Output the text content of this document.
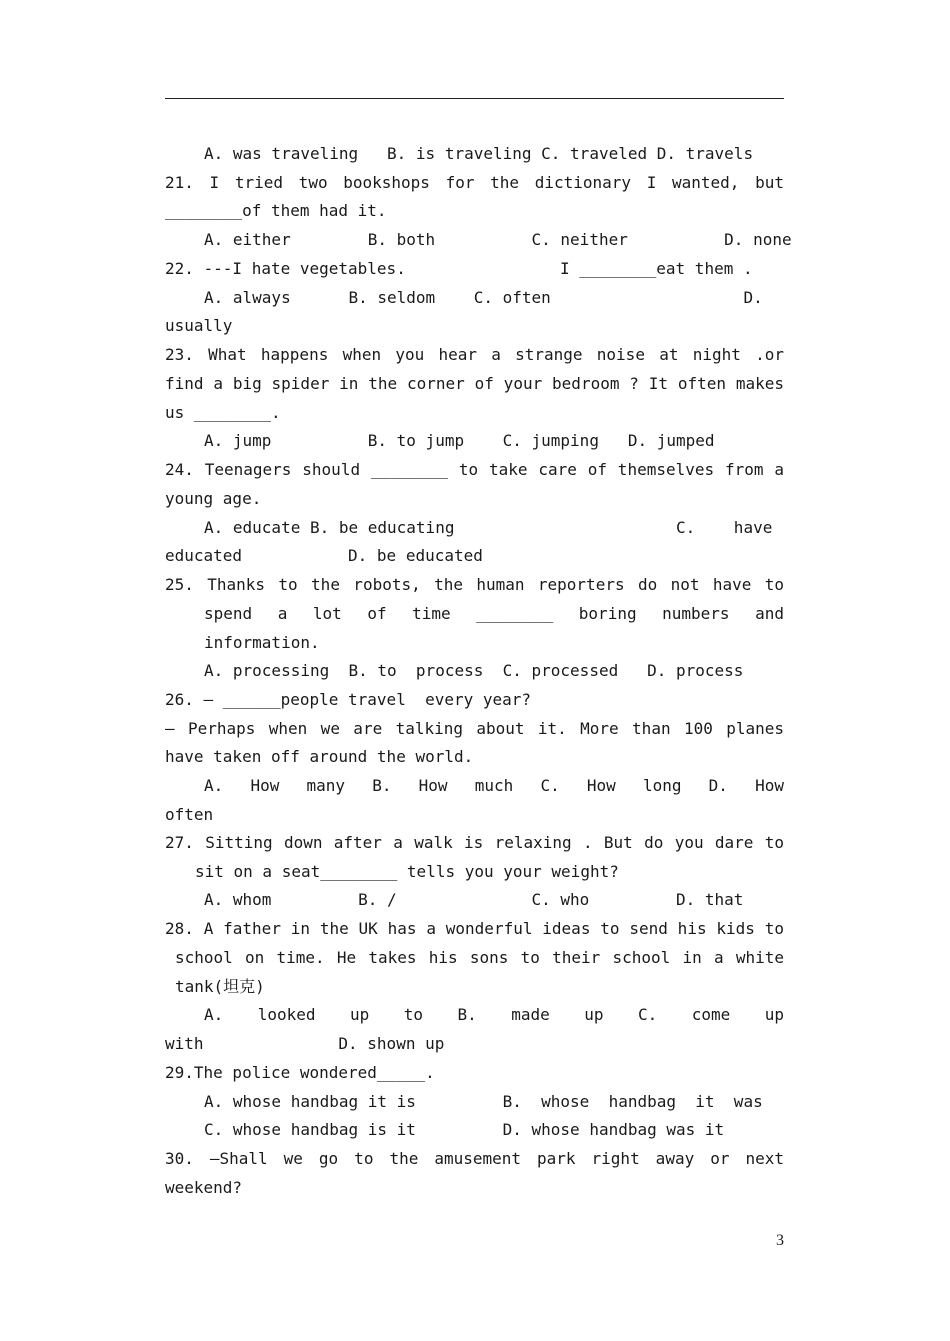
A. was traveling   B. is traveling C. traveled D. travels
21. I tried two bookshops for the dictionary I wanted, but
________of them had it.
A. either        B. both          C. neither          D. none
22. ---I hate vegetables.                I ________eat them .
A. always      B. seldom    C. often                    D.
usually
23. What happens when you hear a strange noise at night .or
find a big spider in the corner of your bedroom ? It often makes
us ________.
A. jump          B. to jump    C. jumping   D. jumped
24. Teenagers should ________ to take care of themselves from a
young age.
A. educate B. be educating                       C.    have
educated           D. be educated
25. Thanks to the robots, the human reporters do not have to
spend a lot of time ________ boring numbers and
information.
A. processing  B. to  process  C. processed   D. process
26. — ______people travel  every year?
— Perhaps when we are talking about it. More than 100 planes
have taken off around the world.
A. How many B. How much C. How long D. How
often
27. Sitting down after a walk is relaxing . But do you dare to
sit on a seat________ tells you your weight?
A. whom         B. /              C. who         D. that
28. A father in the UK has a wonderful ideas to send his kids to
school on time. He takes his sons to their school in a white
tank(坦克)
A. looked up to B. made up C. come up
with              D. shown up
29.The police wondered_____.
A. whose handbag it is         B.  whose  handbag  it  was
C. whose handbag is it         D. whose handbag was it
30. —Shall we go to the amusement park right away or next
weekend?
3
